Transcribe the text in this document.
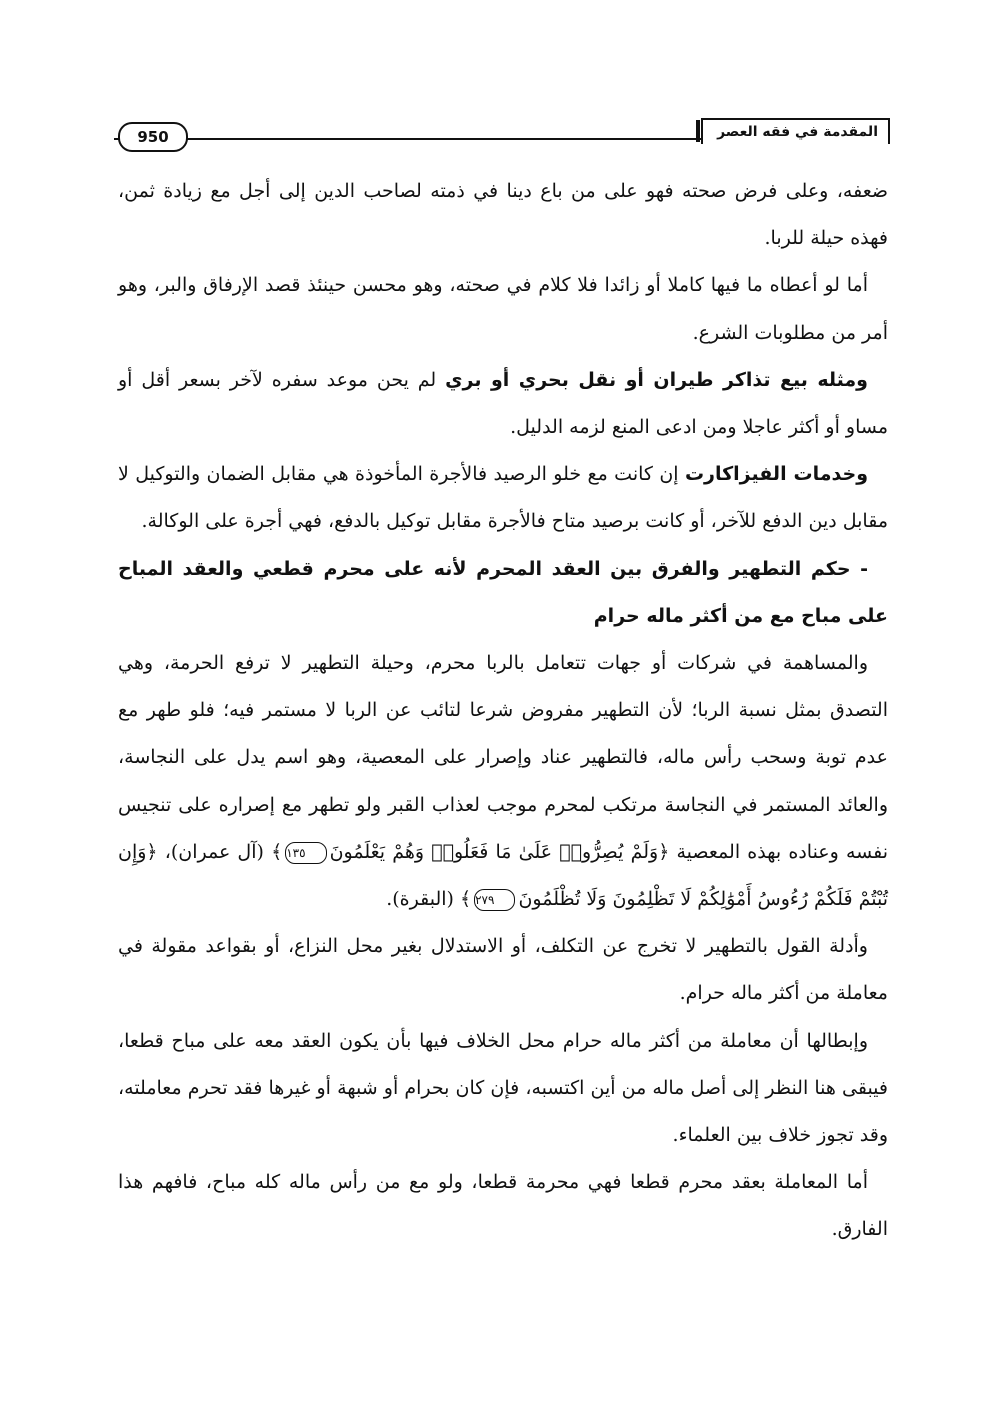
المقدمة في فقه العصر
950

ضعفه، وعلى فرض صحته فهو على من باع دينا في ذمته لصاحب الدين إلى أجل مع زيادة ثمن، فهذه حيلة للربا.

أما لو أعطاه ما فيها كاملا أو زائدا فلا كلام في صحته، وهو محسن حينئذ قصد الإرفاق والبر، وهو أمر من مطلوبات الشرع.

ومثله بيع تذاكر طيران أو نقل بحري أو بري لم يحن موعد سفره لآخر بسعر أقل أو مساو أو أكثر عاجلا ومن ادعى المنع لزمه الدليل.

وخدمات الفيزاكارت إن كانت مع خلو الرصيد فالأجرة المأخوذة هي مقابل الضمان والتوكيل لا مقابل دين الدفع للآخر، أو كانت برصيد متاح فالأجرة مقابل توكيل بالدفع، فهي أجرة على الوكالة.

- حكم التطهير والفرق بين العقد المحرم لأنه على محرم قطعي والعقد المباح على مباح مع من أكثر ماله حرام

والمساهمة في شركات أو جهات تتعامل بالربا محرم، وحيلة التطهير لا ترفع الحرمة، وهي التصدق بمثل نسبة الربا؛ لأن التطهير مفروض شرعا لتائب عن الربا لا مستمر فيه؛ فلو طهر مع عدم توبة وسحب رأس ماله، فالتطهير عناد وإصرار على المعصية، وهو اسم يدل على النجاسة، والعائد المستمر في النجاسة مرتكب لمحرم موجب لعذاب القبر ولو تطهر مع إصراره على تنجيس نفسه وعناده بهذه المعصية ﴿وَلَمْ يُصِرُّوا۟ عَلَىٰ مَا فَعَلُوا۟ وَهُمْ يَعْلَمُونَ١٣٥﴾ (آل عمران)، ﴿وَإِن تُبْتُمْ فَلَكُمْ رُءُوسُ أَمْوَٰلِكُمْ لَا تَظْلِمُونَ وَلَا تُظْلَمُونَ٢٧٩﴾ (البقرة).

وأدلة القول بالتطهير لا تخرج عن التكلف، أو الاستدلال بغير محل النزاع، أو بقواعد مقولة في معاملة من أكثر ماله حرام.

وإبطالها أن معاملة من أكثر ماله حرام محل الخلاف فيها بأن يكون العقد معه على مباح قطعا، فيبقى هنا النظر إلى أصل ماله من أين اكتسبه، فإن كان بحرام أو شبهة أو غيرها فقد تحرم معاملته، وقد تجوز خلاف بين العلماء.

أما المعاملة بعقد محرم قطعا فهي محرمة قطعا، ولو مع من رأس ماله كله مباح، فافهم هذا الفارق.
